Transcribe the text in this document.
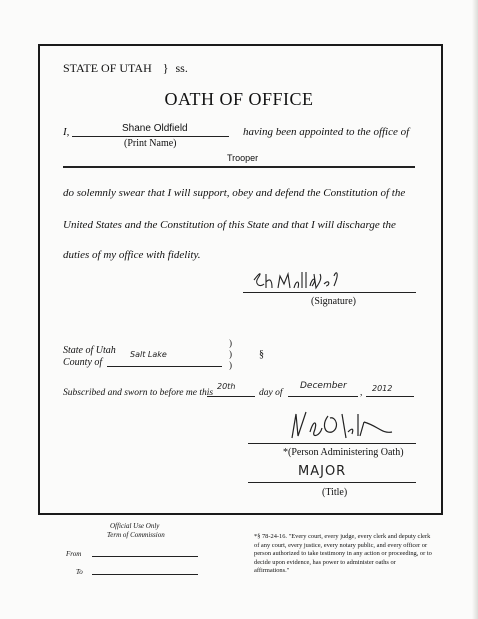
STATE OF UTAH } ss.
OATH OF OFFICE
I,	Shane Oldfield
(Print Name)
having been appointed to the office of
Trooper
do solemnly swear that I will support, obey and defend the Constitution of the
United States and the Constitution of this State and that I will discharge the
duties of my office with fidelity.
(Signature)
State of Utah
County of
Salt Lake
)
)
)
§
Subscribed and sworn to before me this
20th
day of
December
, 2012
*(Person Administering Oath)
MAJOR
(Title)
Official Use Only
Term of Commission
From
To
*§ 78-24-16. "Every court, every judge, every clerk and deputy clerk of any court, every justice, every notary public, and every officer or person authorized to take testimony in any action or proceeding, or to decide upon evidence, has power to administer oaths or affirmations."
